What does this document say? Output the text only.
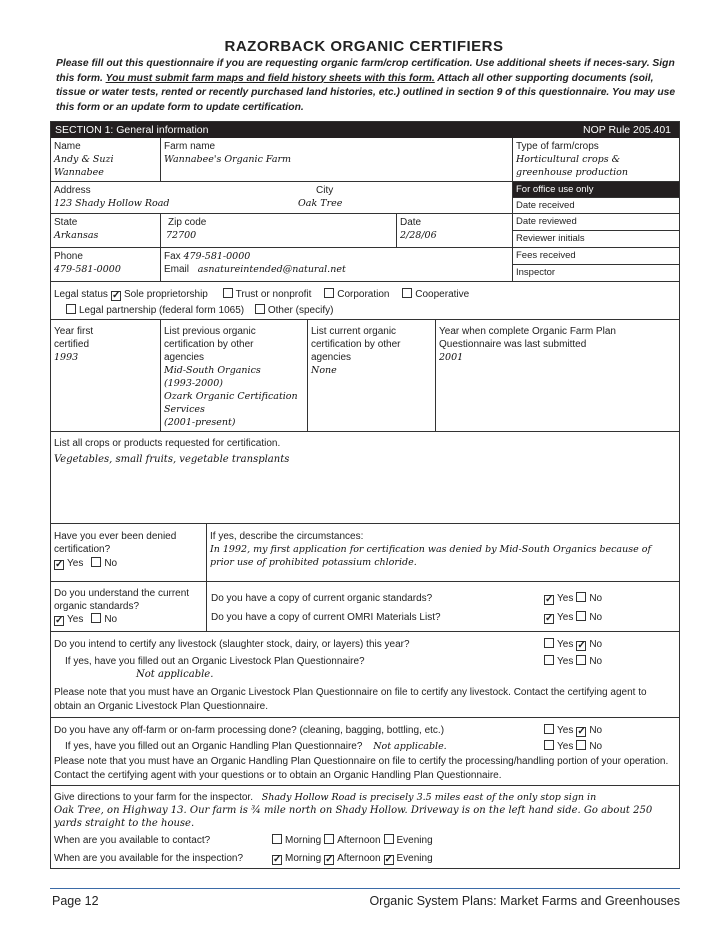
RAZORBACK ORGANIC CERTIFIERS
Please fill out this questionnaire if you are requesting organic farm/crop certification. Use additional sheets if neces-sary. Sign this form. You must submit farm maps and field history sheets with this form. Attach all other supporting documents (soil, tissue or water tests, rented or recently purchased land histories, etc.) outlined in section 9 of this questionnaire. You may use this form or an update form to update certification.
SECTION 1: General information	NOP Rule 205.401
Name
Andy & Suzi Wannabee
Farm name
Wannabee's Organic Farm
Type of farm/crops
Horticultural crops & greenhouse production
Address
123 Shady Hollow Road
City
Oak Tree
State
Arkansas
Zip code
72700
Date
2/28/06
Phone
479-581-0000
Fax 479-581-0000
Email asnatureintended@natural.net
For office use only
Date received
Date reviewed
Reviewer initials
Fees received
Inspector
Legal status ✓ Sole proprietorship	Trust or nonprofit	Corporation	Cooperative
Legal partnership (federal form 1065) Other (specify)
Year first certified
1993
List previous organic certification by other agencies
Mid-South Organics
(1993-2000)
Ozark Organic Certification
Services
(2001-present)
List current organic certification by other agencies
None
Year when complete Organic Farm Plan Questionnaire was last submitted
2001
List all crops or products requested for certification.
Vegetables, small fruits, vegetable transplants
Have you ever been denied certification?
✓ Yes No
If yes, describe the circumstances:
In 1992, my first application for certification was denied by Mid-South Organics because of
prior use of prohibited potassium chloride.
Do you understand the current organic standards?
✓ Yes No
Do you have a copy of current organic standards?	✓ Yes No
Do you have a copy of current OMRI Materials List?	✓ Yes No
Do you intend to certify any livestock (slaughter stock, dairy, or layers) this year?	Yes ✓ No
If yes, have you filled out an Organic Livestock Plan Questionnaire?	Yes No
Not applicable.
Please note that you must have an Organic Livestock Plan Questionnaire on file to certify any livestock. Contact the certifying agent to obtain an Organic Livestock Plan Questionnaire.
Do you have any off-farm or on-farm processing done? (cleaning, bagging, bottling, etc.)	Yes ✓ No
If yes, have you filled out an Organic Handling Plan Questionnaire? Not applicable.	Yes No
Please note that you must have an Organic Handling Plan Questionnaire on file to certify the processing/handling portion of your operation. Contact the certifying agent with your questions or to obtain an Organic Handling Plan Questionnaire.
Give directions to your farm for the inspector. Shady Hollow Road is precisely 3.5 miles east of the only stop sign in
Oak Tree, on Highway 13. Our farm is ¾ mile north on Shady Hollow. Driveway is on the left hand side. Go about 250
yards straight to the house.
When are you available to contact?	Morning Afternoon Evening
When are you available for the inspection?	✓ Morning ✓ Afternoon ✓ Evening
Page 12	Organic System Plans: Market Farms and Greenhouses
